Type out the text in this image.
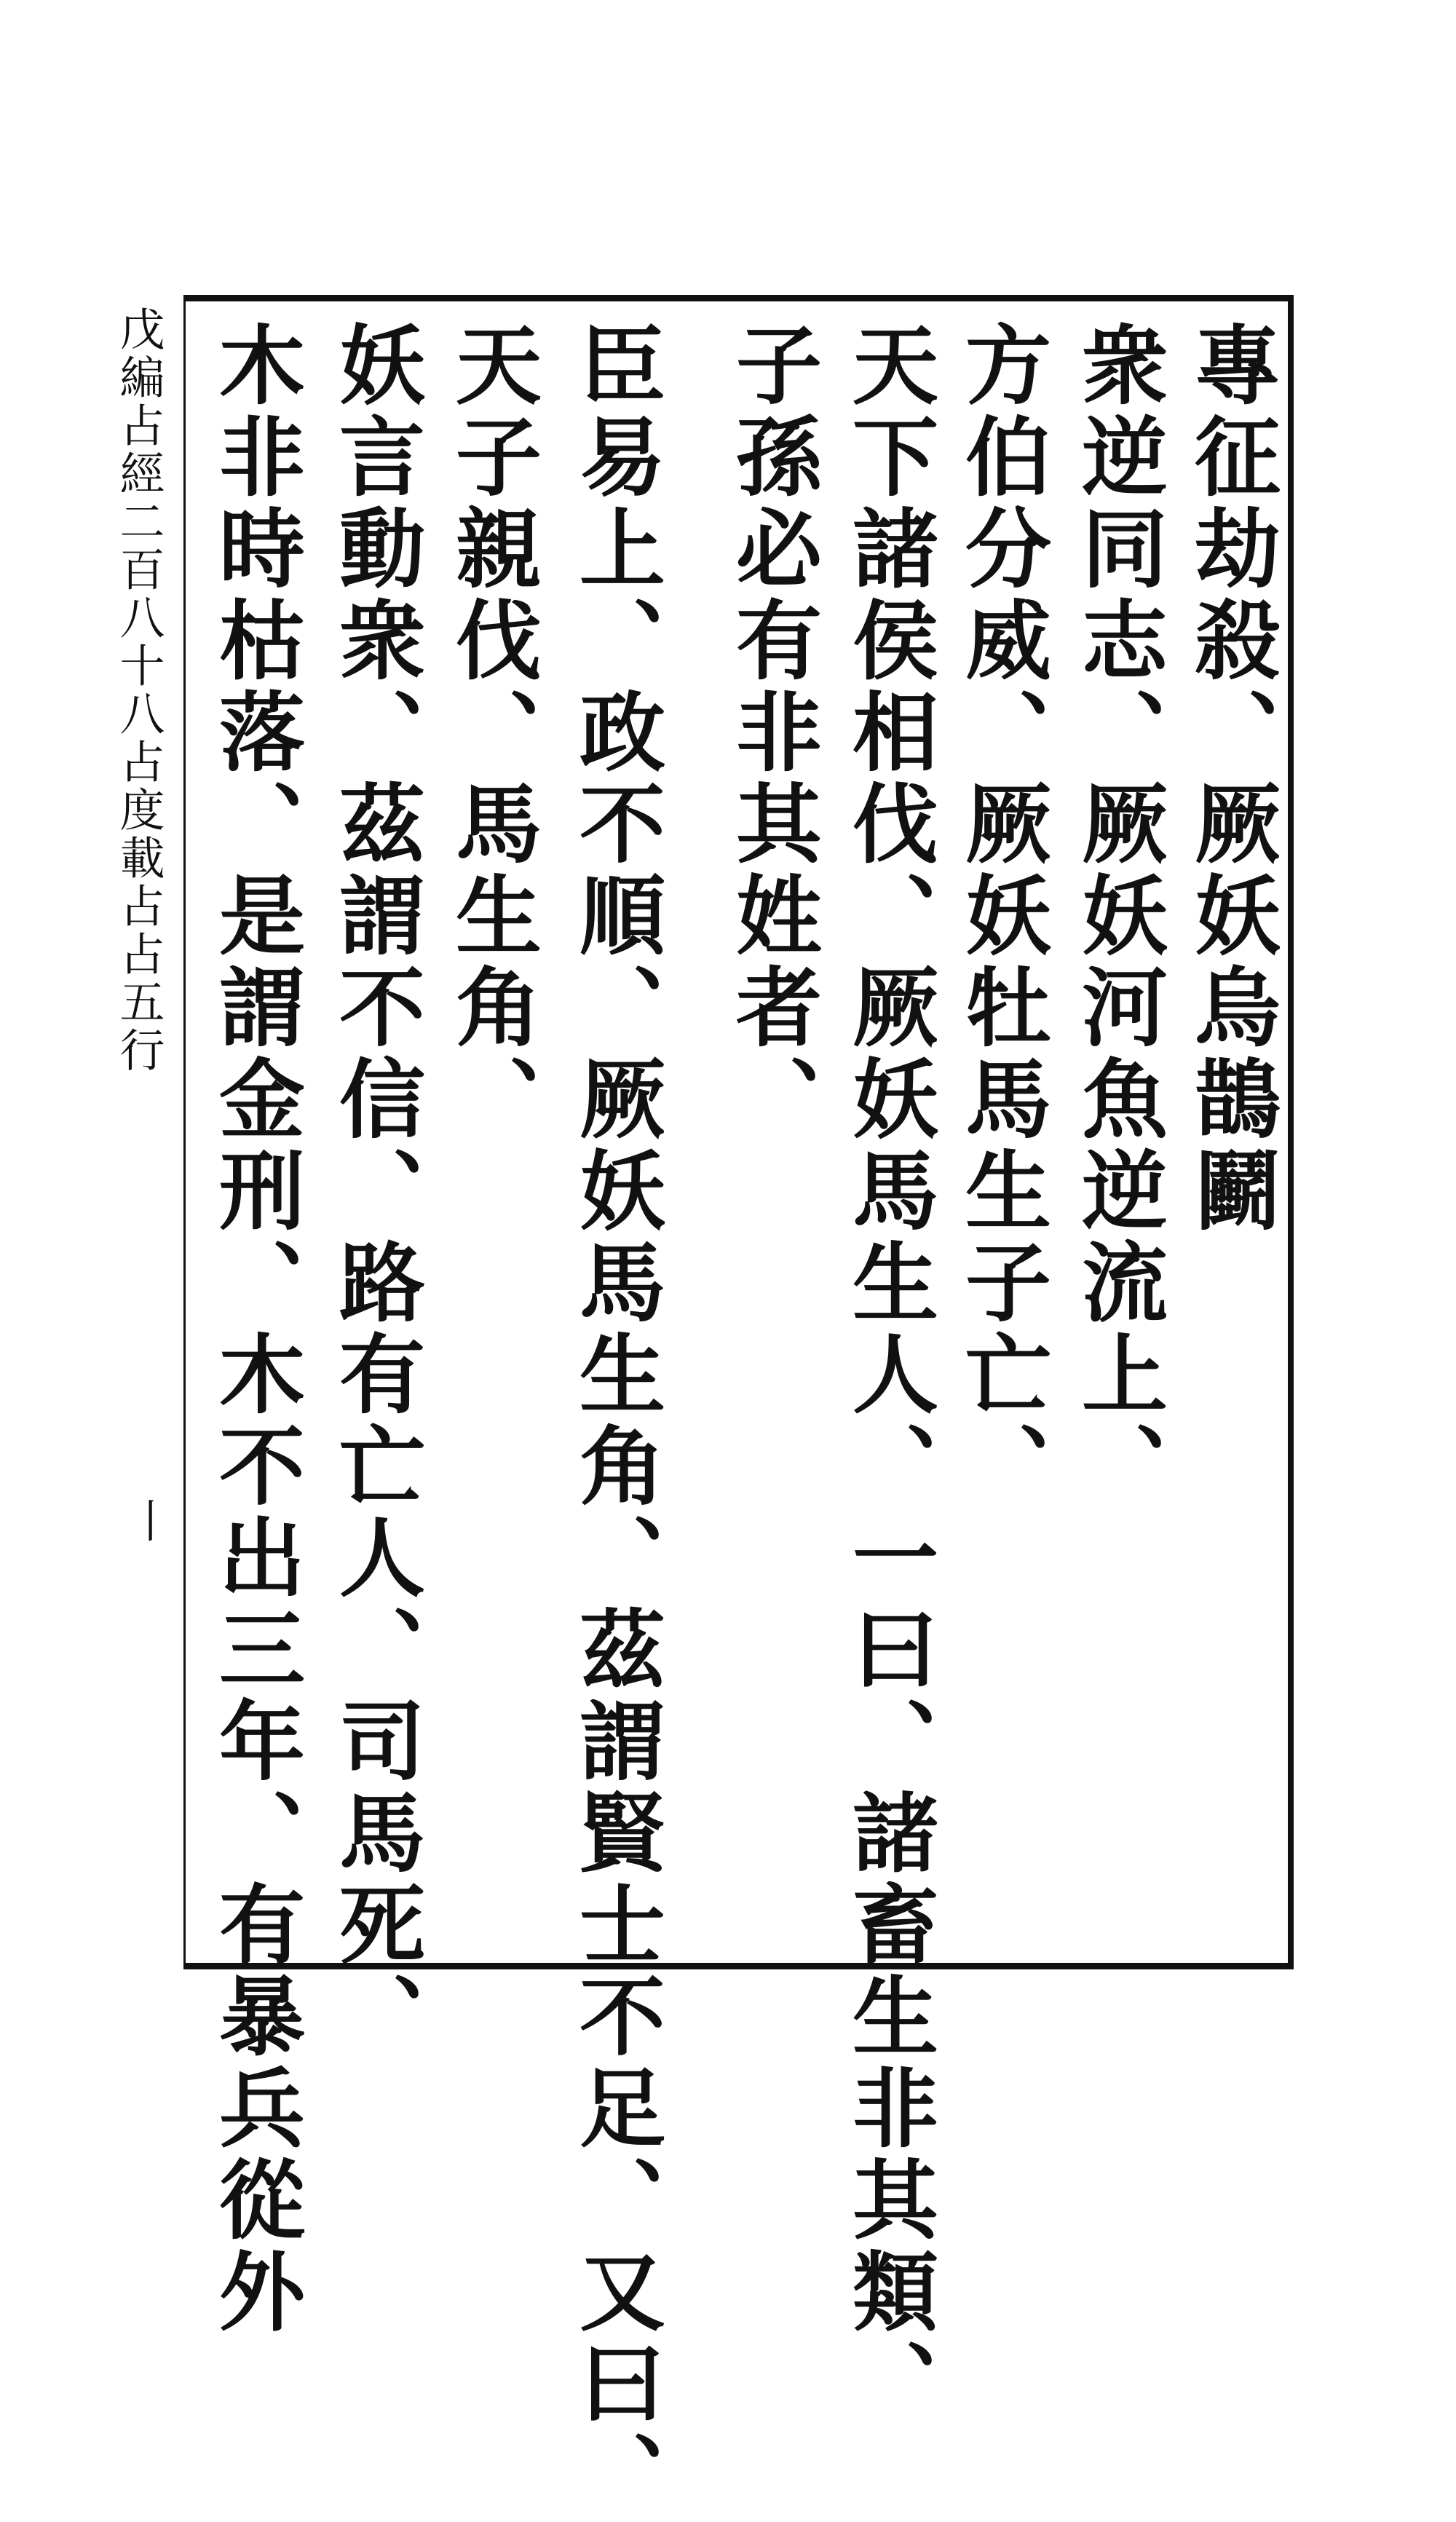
戊編占經二百八十八占度載占占五行
丨
專征劫殺、厥妖烏鵲鬬
衆逆同志、厥妖河魚逆流上、
方伯分威、厥妖牡馬生子亡、
天下諸侯相伐、厥妖馬生人、一曰、諸畜生非其類、
子孫必有非其姓者、
臣易上、政不順、厥妖馬生角、茲謂賢士不足、又曰、
天子親伐、馬生角、
妖言動衆、茲謂不信、路有亡人、司馬死、
木非時枯落、是謂金刑、木不出三年、有暴兵從外
